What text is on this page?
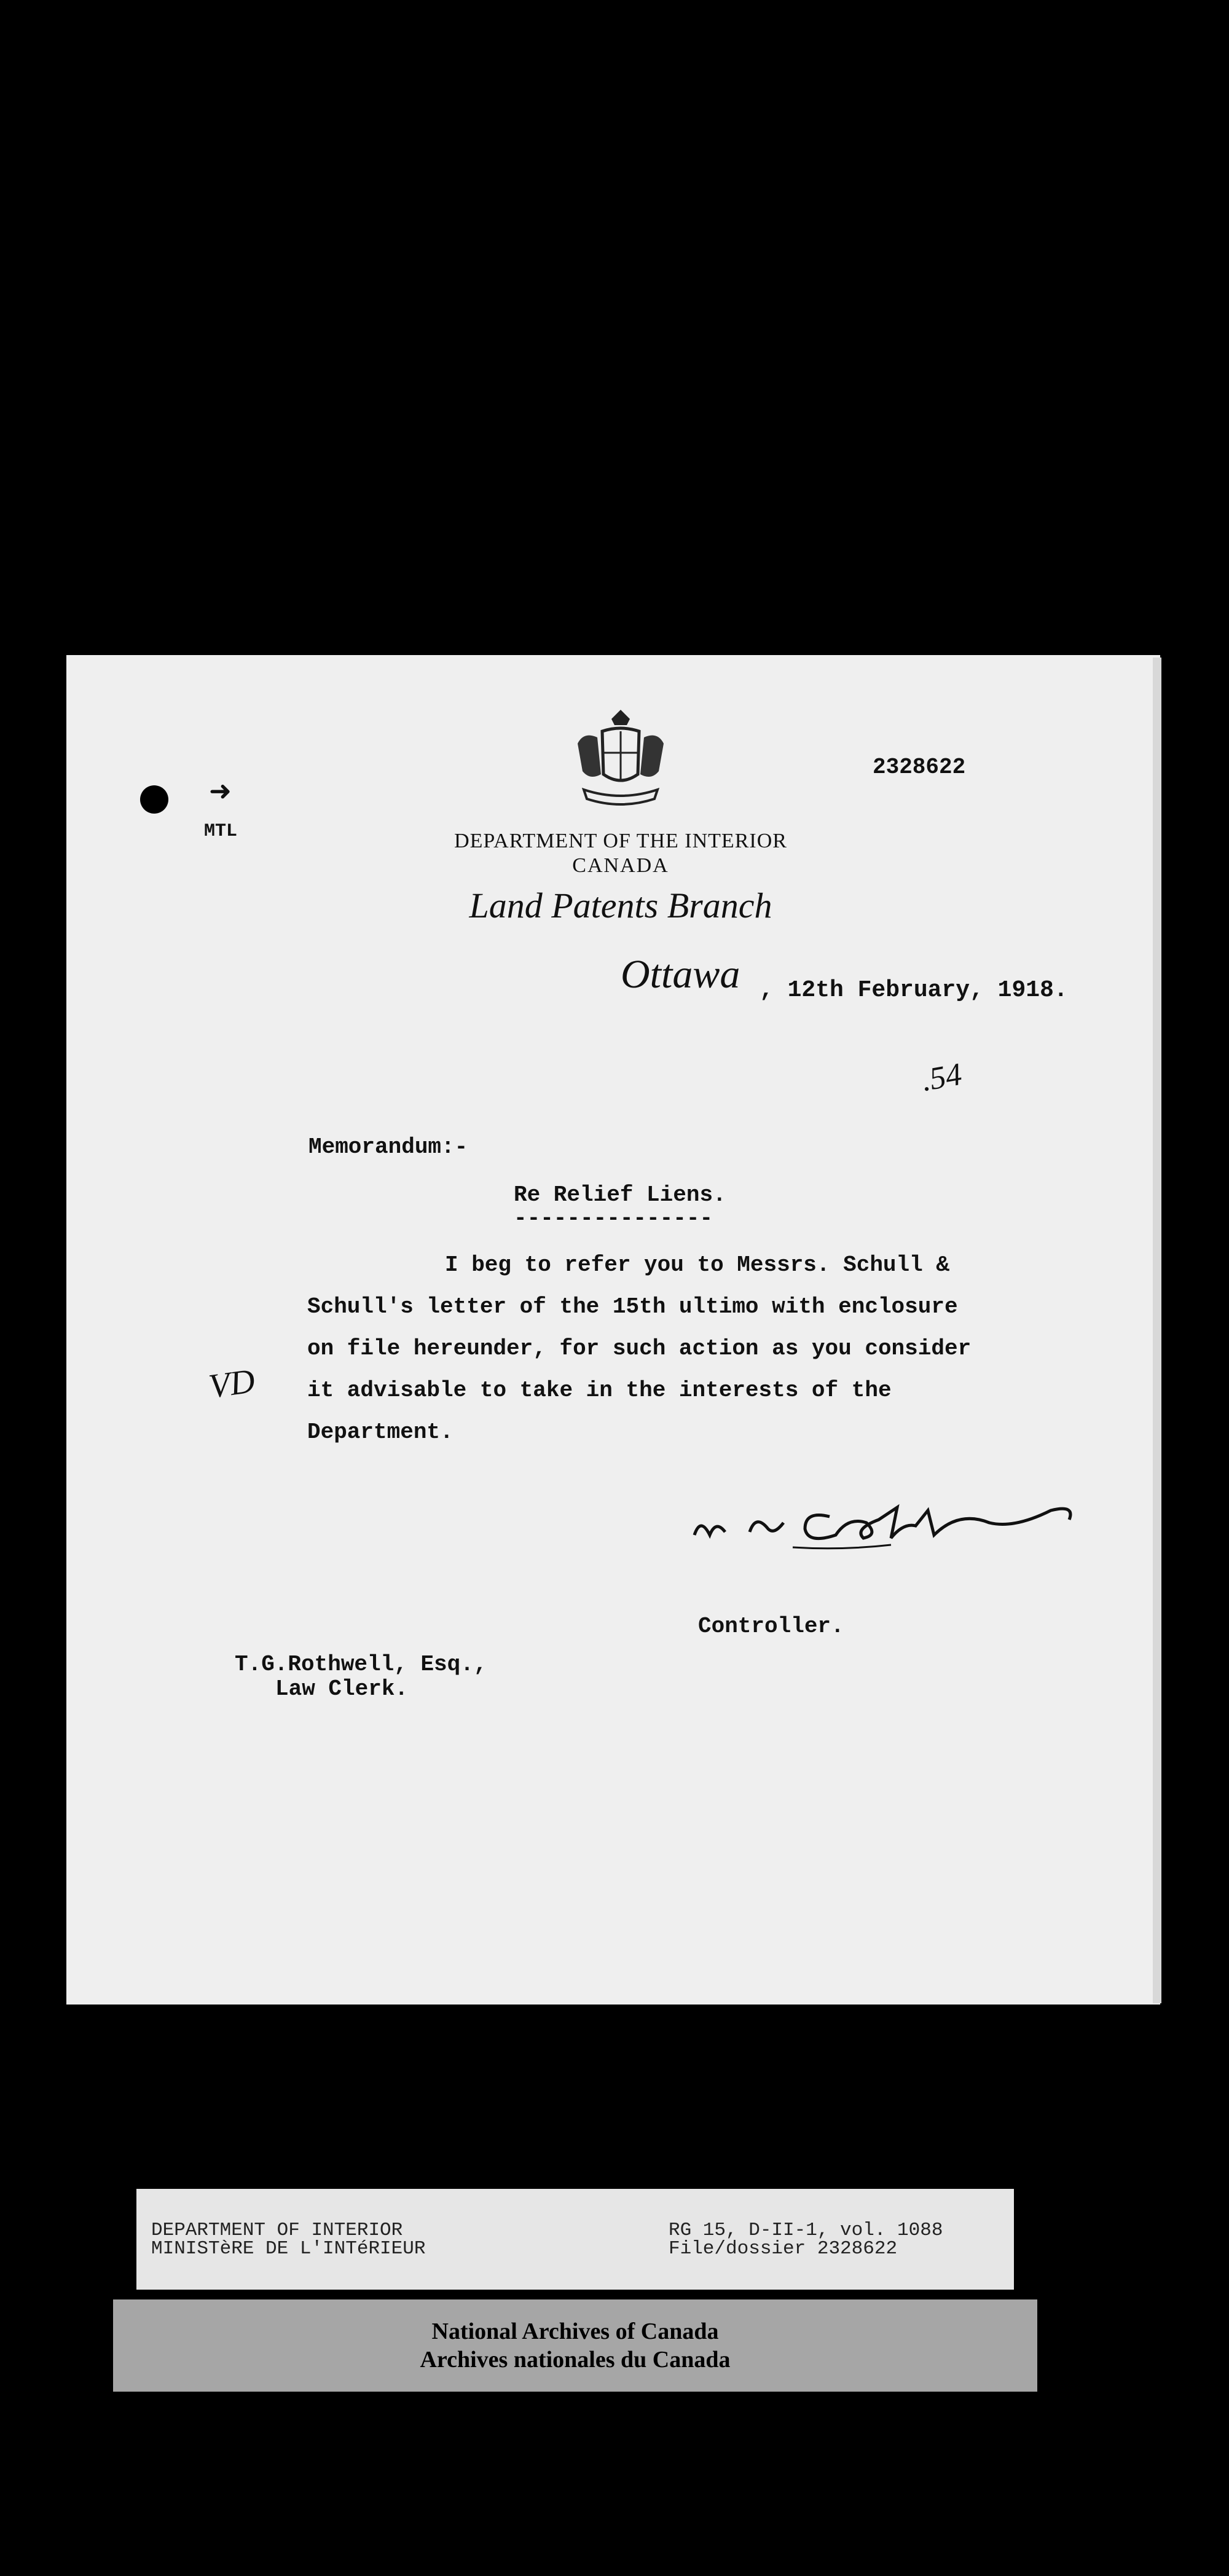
2328622
➜
MTL	DEPARTMENT OF THE INTERIOR
CANADA
Land Patents Branch
Ottawa , 12th February, 1918.
.54
Memorandum:-
Re Relief Liens.
---------------
I beg to refer you to Messrs. Schull &
Schull's letter of the 15th ultimo with enclosure
on file hereunder, for such action as you consider
it advisable to take in the interests of the
Department.
VD
Controller.
T.G.Rothwell, Esq.,
Law Clerk.
DEPARTMENT OF INTERIOR
MINISTèRE DE L'INTéRIEUR
RG 15, D-II-1, vol. 1088
File/dossier 2328622
National Archives of Canada
Archives nationales du Canada
